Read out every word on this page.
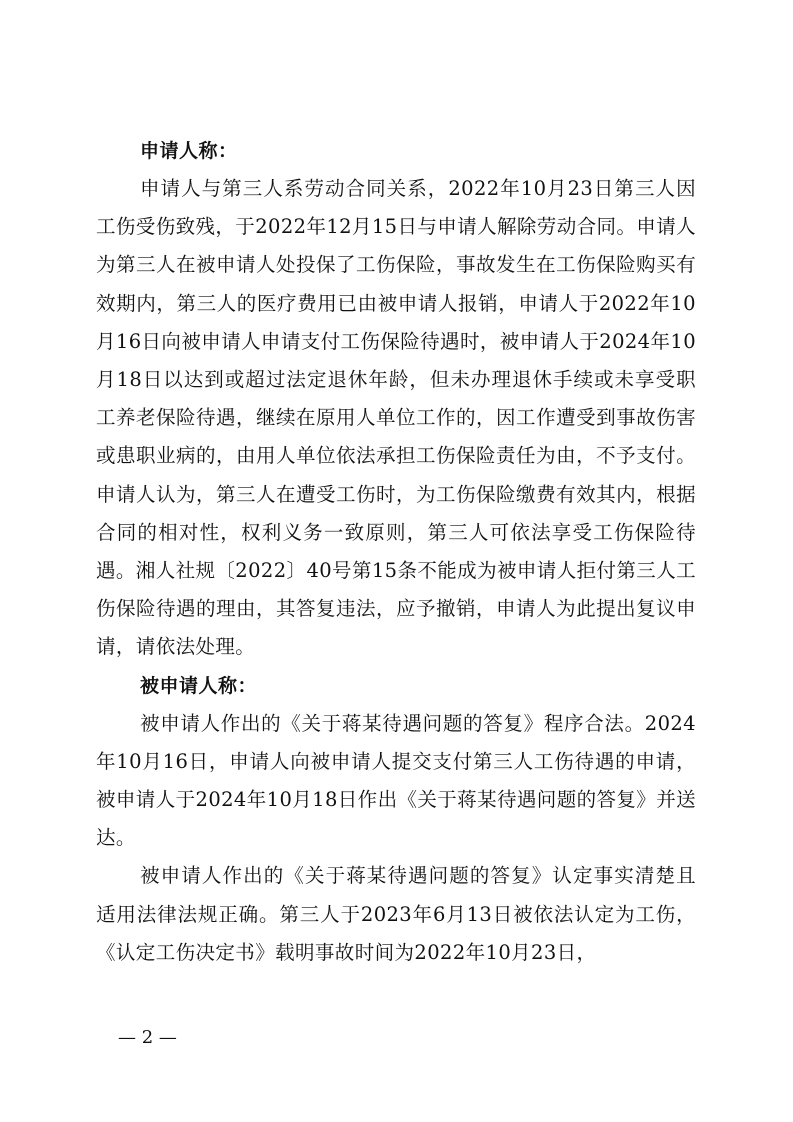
申请人称：

申请人与第三人系劳动合同关系，2022年10月23日第三人因工伤受伤致残，于2022年12月15日与申请人解除劳动合同。申请人为第三人在被申请人处投保了工伤保险，事故发生在工伤保险购买有效期内，第三人的医疗费用已由被申请人报销，申请人于2022年10月16日向被申请人申请支付工伤保险待遇时，被申请人于2024年10月18日以达到或超过法定退休年龄，但未办理退休手续或未享受职工养老保险待遇，继续在原用人单位工作的，因工作遭受到事故伤害或患职业病的，由用人单位依法承担工伤保险责任为由，不予支付。申请人认为，第三人在遭受工伤时，为工伤保险缴费有效其内，根据合同的相对性，权利义务一致原则，第三人可依法享受工伤保险待遇。湘人社规〔2022〕40号第15条不能成为被申请人拒付第三人工伤保险待遇的理由，其答复违法，应予撤销，申请人为此提出复议申请，请依法处理。

被申请人称：

被申请人作出的《关于蒋某待遇问题的答复》程序合法。2024年10月16日，申请人向被申请人提交支付第三人工伤待遇的申请，被申请人于2024年10月18日作出《关于蒋某待遇问题的答复》并送达。

被申请人作出的《关于蒋某待遇问题的答复》认定事实清楚且适用法律法规正确。第三人于2023年6月13日被依法认定为工伤，《认定工伤决定书》载明事故时间为2022年10月23日，

— 2 —
